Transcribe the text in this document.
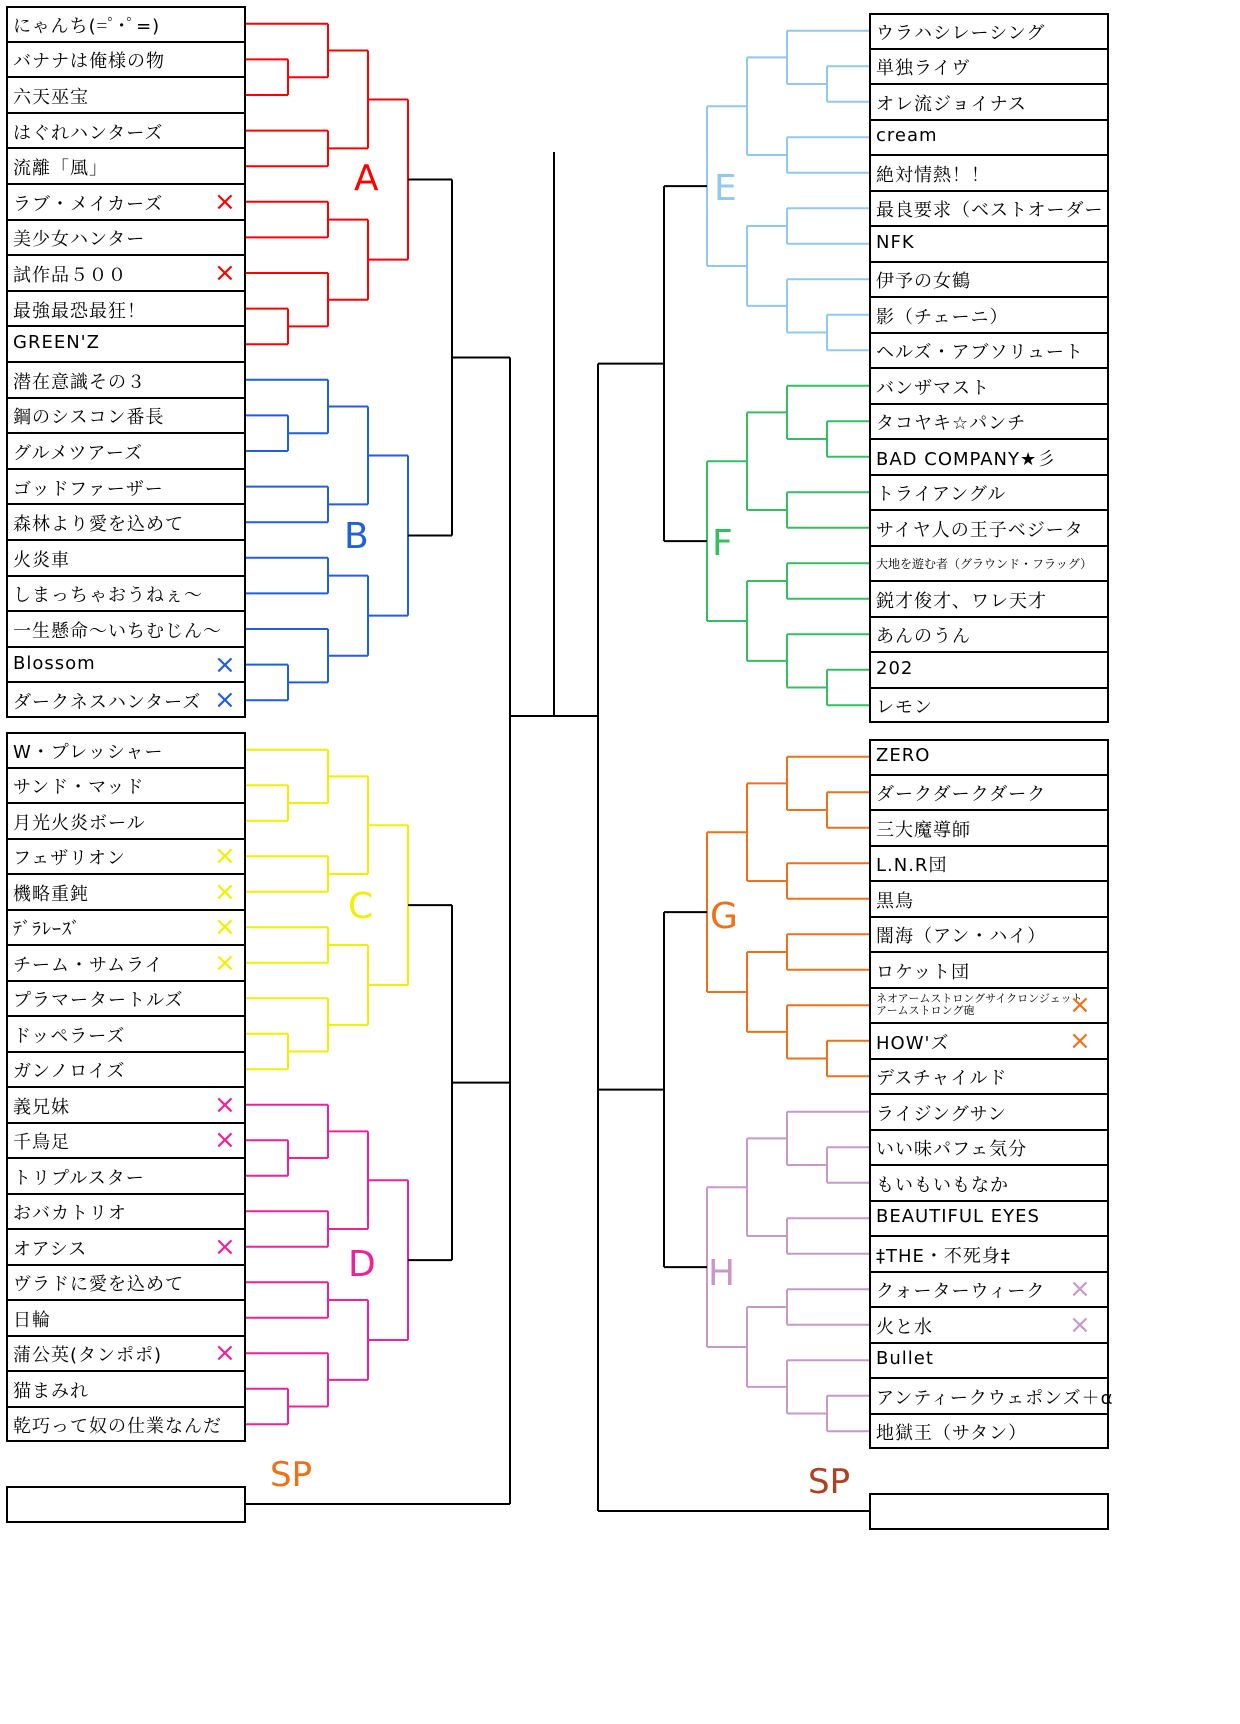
にゃんち(=ﾟ･ﾟ=)
バナナは俺様の物
六天巫宝
はぐれハンターズ
流離「風」
ラブ・メイカーズ ×
美少女ハンター
試作品５００	×
最強最恐最狂！
GREEN'Z
A
潜在意識その３
鋼のシスコン番長
グルメツアーズ
ゴッドファーザー
森林より愛を込めて
火炎車
しまっちゃおうねぇ～
一生懸命～いちむじん～
Blossom	×
ダークネスハンターズ ×
B
W・プレッシャー
サンド・マッド
月光火炎ボール
フェザリオン	×
機略重鈍	×
ﾃﾞﾗﾚｰｽﾞ	×
チーム・サムライ ×
プラマータートルズ
ドッペラーズ
ガンノロイズ
C
義兄妹	×
千鳥足	×
トリプルスター
おバカトリオ
オアシス	×
ヴラドに愛を込めて
日輪
蒲公英(タンポポ) ×
猫まみれ
乾巧って奴の仕業なんだ
D
ウラハシレーシング
単独ライヴ
オレ流ジョイナス
cream
絶対情熱！！
最良要求（ベストオーダー
NFK
伊予の女鶴
影（チェーニ）
ヘルズ・アブソリュート
E
バンザマスト
タコヤキ☆パンチ
BAD COMPANY★彡
トライアングル
サイヤ人の王子ベジータ
大地を遊む者（グラウンド・フラッグ）
鋭才俊才、ワレ天才
あんのうん
202
レモン
F
ZERO
ダークダークダーク
三大魔導師
L.N.R団
黒鳥
闇海（アン・ハイ）
ロケット団
ネオアームストロングサイクロンジェットアームストロング砲	×
HOW'ズ	×
デスチャイルド
G
ライジングサン
いい味パフェ気分
もいもいもなか
BEAUTIFUL EYES
‡THE・不死身‡
クォーターウィーク ×
火と水	×
Bullet
アンティークウェポンズ＋α
地獄王（サタン）
H
SP	SP
